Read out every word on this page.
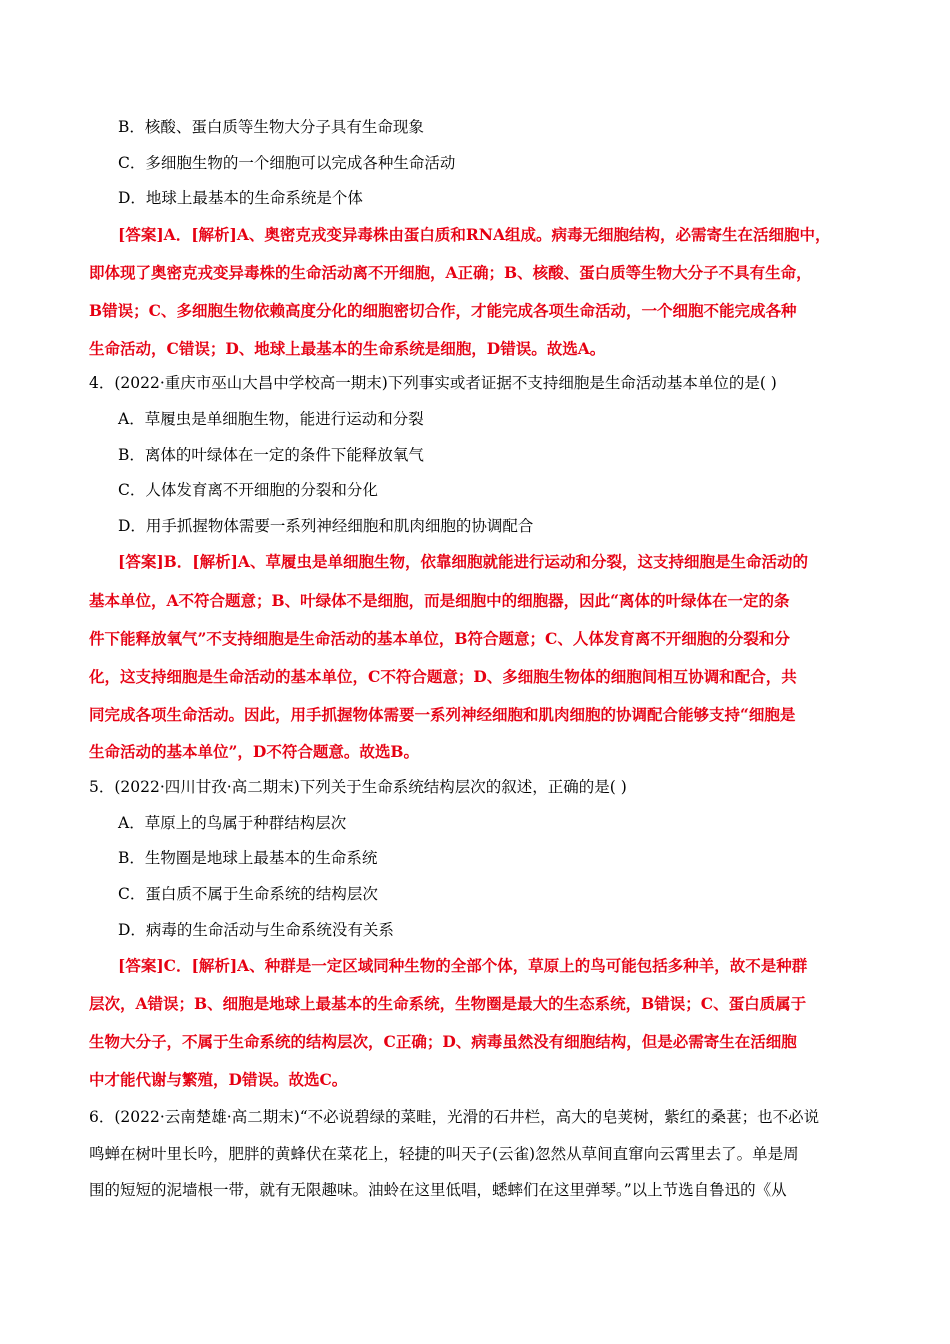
B．核酸、蛋白质等生物大分子具有生命现象
C．多细胞生物的一个细胞可以完成各种生命活动
D．地球上最基本的生命系统是个体
[答案]A．[解析]A、奥密克戎变异毒株由蛋白质和RNA组成。病毒无细胞结构，必需寄生在活细胞中，
即体现了奥密克戎变异毒株的生命活动离不开细胞，A正确；B、核酸、蛋白质等生物大分子不具有生命，
B错误；C、多细胞生物依赖高度分化的细胞密切合作，才能完成各项生命活动，一个细胞不能完成各种
生命活动，C错误；D、地球上最基本的生命系统是细胞，D错误。故选A。
4．(2022·重庆市巫山大昌中学校高一期末)下列事实或者证据不支持细胞是生命活动基本单位的是( )
A．草履虫是单细胞生物，能进行运动和分裂
B．离体的叶绿体在一定的条件下能释放氧气
C．人体发育离不开细胞的分裂和分化
D．用手抓握物体需要一系列神经细胞和肌肉细胞的协调配合
[答案]B．[解析]A、草履虫是单细胞生物，依靠细胞就能进行运动和分裂，这支持细胞是生命活动的
基本单位，A不符合题意；B、叶绿体不是细胞，而是细胞中的细胞器，因此“离体的叶绿体在一定的条
件下能释放氧气”不支持细胞是生命活动的基本单位，B符合题意；C、人体发育离不开细胞的分裂和分
化，这支持细胞是生命活动的基本单位，C不符合题意；D、多细胞生物体的细胞间相互协调和配合，共
同完成各项生命活动。因此，用手抓握物体需要一系列神经细胞和肌肉细胞的协调配合能够支持“细胞是
生命活动的基本单位”，D不符合题意。故选B。
5．(2022·四川甘孜·高二期末)下列关于生命系统结构层次的叙述，正确的是( )
A．草原上的鸟属于种群结构层次
B．生物圈是地球上最基本的生命系统
C．蛋白质不属于生命系统的结构层次
D．病毒的生命活动与生命系统没有关系
[答案]C．[解析]A、种群是一定区域同种生物的全部个体，草原上的鸟可能包括多种羊，故不是种群
层次，A错误；B、细胞是地球上最基本的生命系统，生物圈是最大的生态系统，B错误；C、蛋白质属于
生物大分子，不属于生命系统的结构层次，C正确；D、病毒虽然没有细胞结构，但是必需寄生在活细胞
中才能代谢与繁殖，D错误。故选C。
6．(2022·云南楚雄·高二期末)“不必说碧绿的菜畦，光滑的石井栏，高大的皂荚树，紫红的桑葚；也不必说
鸣蝉在树叶里长吟，肥胖的黄蜂伏在菜花上，轻捷的叫天子(云雀)忽然从草间直窜向云霄里去了。单是周
围的短短的泥墙根一带，就有无限趣味。油蛉在这里低唱，蟋蟀们在这里弹琴。”以上节选自鲁迅的《从
